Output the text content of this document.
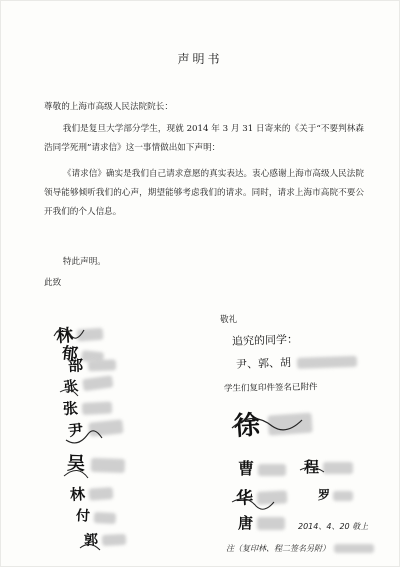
声明书
尊敬的上海市高级人民法院院长：
我们是复旦大学部分学生，现就 2014 年 3 月 31 日寄来的《关于“不要判林森浩同学死刑”请求信》这一事情做出如下声明：
《请求信》确实是我们自己请求意愿的真实表达。衷心感谢上海市高级人民法院领导能够倾听我们的心声，期望能够考虑我们的请求。同时，请求上海市高院不要公开我们的个人信息。
特此声明。
此致
敬礼
林
郁
部
张
张
尹
吴
林
付
郭
追究的同学：
尹、郭、胡
学生们复印件签名已附件
徐
曹	程
华	罗
唐	2014、4、20 敬上
注（复印林、程二签名另附）
